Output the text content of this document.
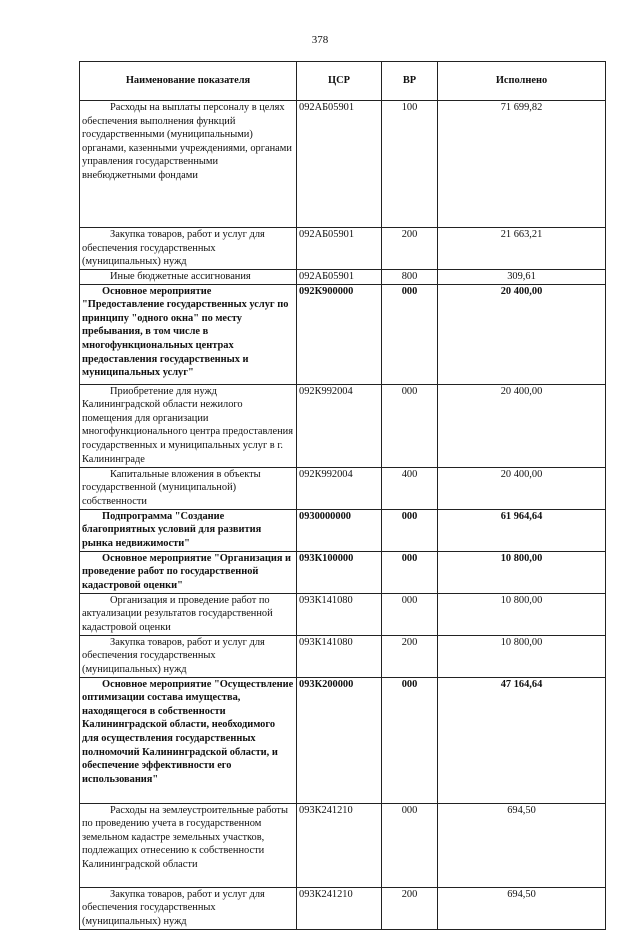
378
Наименование показателя	ЦСР	ВР	Исполнено

Расходы на выплаты персоналу в целях обеспечения выполнения функций государственными (муниципальными) органами, казенными учреждениями, органами управления государственными внебюджетными фондами	092АБ05901	100	71 699,82

Закупка товаров, работ и услуг для обеспечения государственных (муниципальных) нужд	092АБ05901	200	21 663,21

Иные бюджетные ассигнования	092АБ05901	800	309,61

Основное мероприятие "Предоставление государственных услуг по принципу "одного окна" по месту пребывания, в том числе в многофункциональных центрах предоставления государственных и муниципальных услуг"	092К900000	000	20 400,00

Приобретение для нужд Калининградской области нежилого помещения для организации многофункционального центра предоставления государственных и муниципальных услуг в г. Калининграде	092К992004	000	20 400,00

Капитальные вложения в объекты государственной (муниципальной) собственности	092К992004	400	20 400,00

Подпрограмма "Создание благоприятных условий для развития рынка недвижимости"	0930000000	000	61 964,64

Основное мероприятие "Организация и проведение работ по государственной кадастровой оценки"	093К100000	000	10 800,00

Организация и проведение работ по актуализации результатов государственной кадастровой оценки	093К141080	000	10 800,00

Закупка товаров, работ и услуг для обеспечения государственных (муниципальных) нужд	093К141080	200	10 800,00

Основное мероприятие "Осуществление оптимизации состава имущества, находящегося в собственности Калининградской области, необходимого для осуществления государственных полномочий Калининградской области, и обеспечение эффективности его использования"	093К200000	000	47 164,64

Расходы на землеустроительные работы по проведению учета в государственном земельном кадастре земельных участков, подлежащих отнесению к собственности Калининградской области	093К241210	000	694,50

Закупка товаров, работ и услуг для обеспечения государственных (муниципальных) нужд	093К241210	200	694,50
